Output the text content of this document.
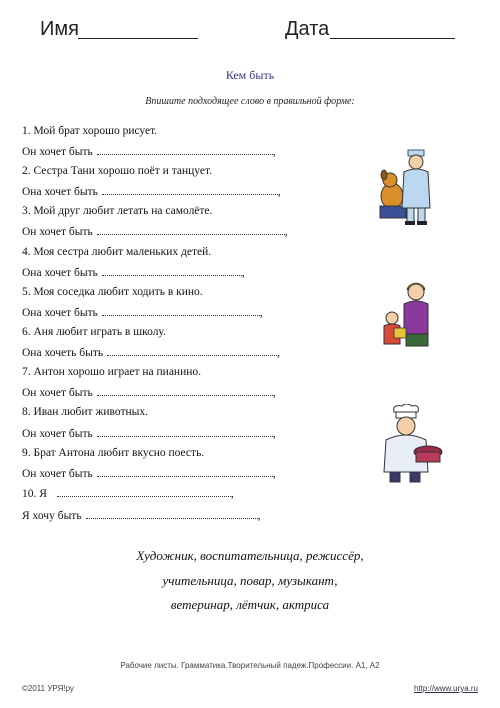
Имя	Дата
Кем быть
Впишите подходящее слово в правильной форме:
1. Мой брат хорошо рисует.
Он хочет быть	,
2. Сестра Тани хорошо поёт и танцует.
Она хочет быть	,
3. Мой друг любит летать на самолёте.
Он хочет быть	,
4. Моя сестра любит маленьких детей.
Она хочет быть	,
5. Моя соседка любит ходить в кино.
Она хочет быть	,
6. Аня любит играть в школу.
Она хочеть быть	,
7. Антон хорошо играет на пианино.
Он хочет быть	,
8. Иван любит животных.
Он хочет быть	,
9. Брат Антона любит вкусно поесть.
Он хочет быть	,
10. Я	,
Я хочу быть	,
Художник, воспитательница, режиссёр,
учительница, повар, музыкант,
ветеринар, лётчик, актриса
Рабочие листы. Грамматика.Творительный падеж.Профессии. А1, А2
©2011 УРЯ!ру	http://www.urya.ru
